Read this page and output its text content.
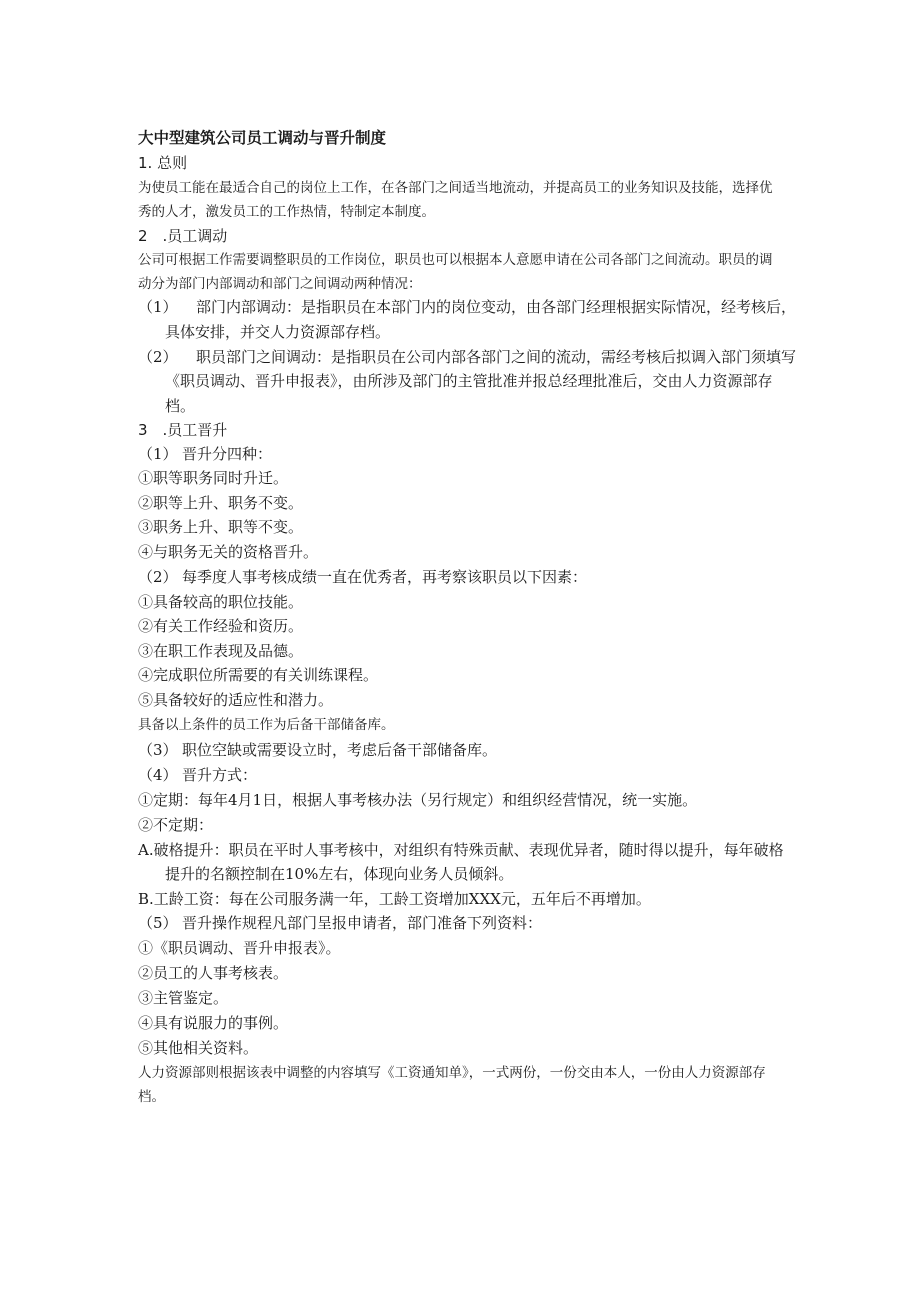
大中型建筑公司员工调动与晋升制度
1. 总则
为使员工能在最适合自己的岗位上工作，在各部门之间适当地流动，并提高员工的业务知识及技能，选择优
秀的人才，激发员工的工作热情，特制定本制度。
2　.员工调动
公司可根据工作需要调整职员的工作岗位，职员也可以根据本人意愿申请在公司各部门之间流动。职员的调
动分为部门内部调动和部门之间调动两种情况：
（1） 部门内部调动：是指职员在本部门内的岗位变动，由各部门经理根据实际情况，经考核后，
具体安排，并交人力资源部存档。
（2） 职员部门之间调动：是指职员在公司内部各部门之间的流动，需经考核后拟调入部门须填写
《职员调动、晋升申报表》，由所涉及部门的主管批准并报总经理批准后，交由人力资源部存
档。
3　.员工晋升
（1） 晋升分四种：
①职等职务同时升迁。
②职等上升、职务不变。
③职务上升、职等不变。
④与职务无关的资格晋升。
（2） 每季度人事考核成绩一直在优秀者，再考察该职员以下因素：
①具备较高的职位技能。
②有关工作经验和资历。
③在职工作表现及品德。
④完成职位所需要的有关训练课程。
⑤具备较好的适应性和潜力。
具备以上条件的员工作为后备干部储备库。
（3） 职位空缺或需要设立时，考虑后备干部储备库。
（4） 晋升方式：
①定期：每年4月1日，根据人事考核办法（另行规定）和组织经营情况，统一实施。
②不定期：
A.破格提升：职员在平时人事考核中，对组织有特殊贡献、表现优异者，随时得以提升，每年破格
提升的名额控制在10%左右，体现向业务人员倾斜。
B.工龄工资：每在公司服务满一年，工龄工资增加XXX元，五年后不再增加。
（5） 晋升操作规程凡部门呈报申请者，部门准备下列资料：
①《职员调动、晋升申报表》。
②员工的人事考核表。
③主管鉴定。
④具有说服力的事例。
⑤其他相关资料。
人力资源部则根据该表中调整的内容填写《工资通知单》，一式两份，一份交由本人，一份由人力资源部存
档。
